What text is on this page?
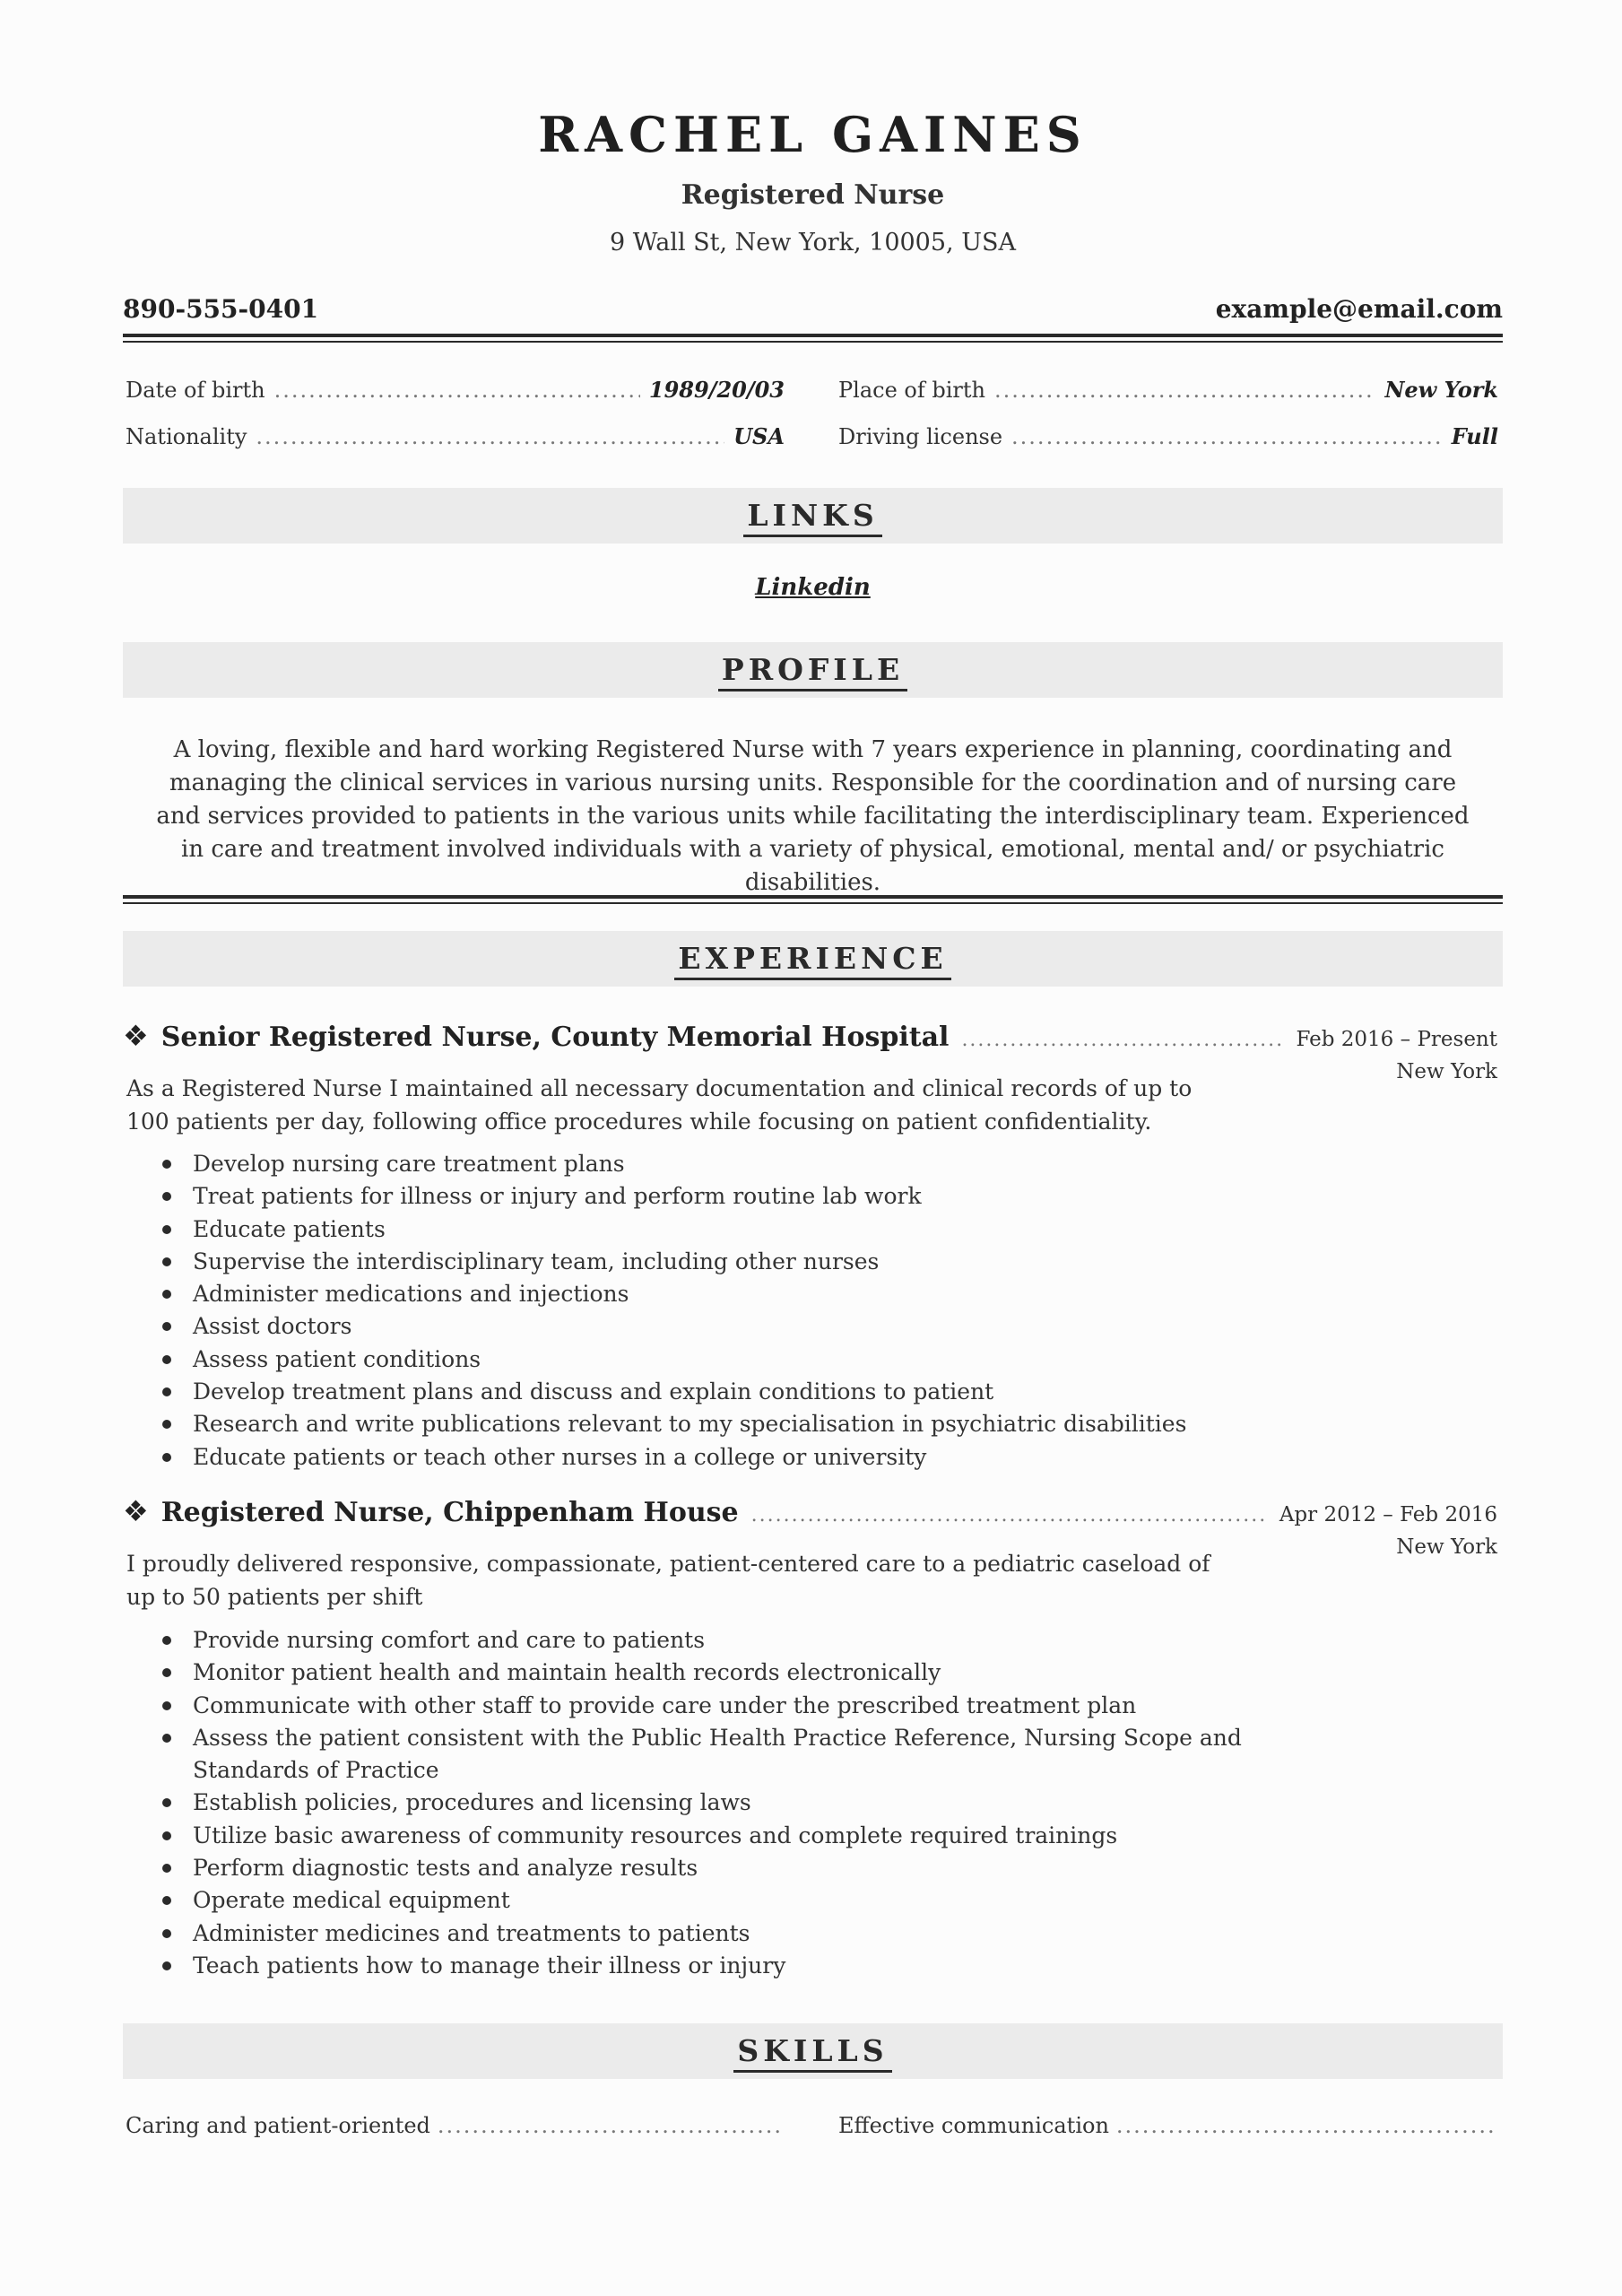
RACHEL GAINES
Registered Nurse
9 Wall St, New York, 10005, USA
890-555-0401	example@email.com
Date of birth .....	1989/20/03	Place of birth .....	New York
Nationality .....	USA	Driving license .....	Full
LINKS
Linkedin
PROFILE
A loving, flexible and hard working Registered Nurse with 7 years experience in planning, coordinating and managing the clinical services in various nursing units. Responsible for the coordination and of nursing care and services provided to patients in the various units while facilitating the interdisciplinary team. Experienced in care and treatment involved individuals with a variety of physical, emotional, mental and/ or psychiatric disabilities.
EXPERIENCE
❖ Senior Registered Nurse, County Memorial Hospital .....	Feb 2016 – Present
New York
As a Registered Nurse I maintained all necessary documentation and clinical records of up to 100 patients per day, following office procedures while focusing on patient confidentiality.
Develop nursing care treatment plans
Treat patients for illness or injury and perform routine lab work
Educate patients
Supervise the interdisciplinary team, including other nurses
Administer medications and injections
Assist doctors
Assess patient conditions
Develop treatment plans and discuss and explain conditions to patient
Research and write publications relevant to my specialisation in psychiatric disabilities
Educate patients or teach other nurses in a college or university
❖ Registered Nurse, Chippenham House .....	Apr 2012 – Feb 2016
New York
I proudly delivered responsive, compassionate, patient-centered care to a pediatric caseload of up to 50 patients per shift
Provide nursing comfort and care to patients
Monitor patient health and maintain health records electronically
Communicate with other staff to provide care under the prescribed treatment plan
Assess the patient consistent with the Public Health Practice Reference, Nursing Scope and Standards of Practice
Establish policies, procedures and licensing laws
Utilize basic awareness of community resources and complete required trainings
Perform diagnostic tests and analyze results
Operate medical equipment
Administer medicines and treatments to patients
Teach patients how to manage their illness or injury
SKILLS
Caring and patient-oriented .....	Effective communication
.....
